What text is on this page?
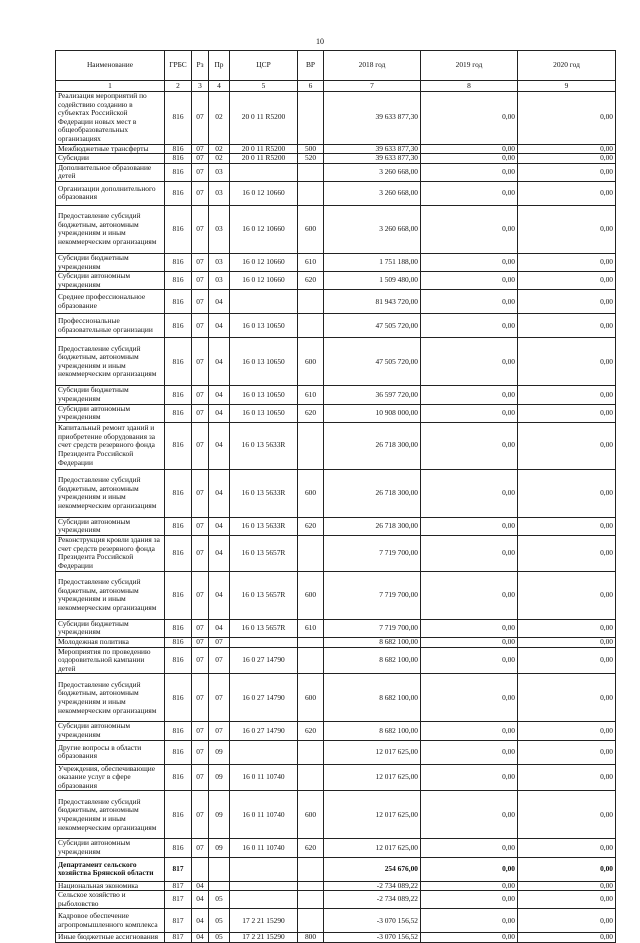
10
Наименование	ГРБС	Рз	Пр	ЦСР	ВР	2018 год	2019 год	2020 год
1	2	3	4	5	6	7	8	9
Реализация мероприятий по содействию созданию в субъектах Российской Федерации новых мест в общеобразовательных организациях	816	07	02	20 0 11 R5200		39 633 877,30	0,00	0,00
Межбюджетные трансферты	816	07	02	20 0 11 R5200	500	39 633 877,30	0,00	0,00
Субсидии	816	07	02	20 0 11 R5200	520	39 633 877,30	0,00	0,00
Дополнительное образование детей	816	07	03			3 260 668,00	0,00	0,00
Организации дополнительного образования	816	07	03	16 0 12 10660		3 260 668,00	0,00	0,00
Предоставление субсидий бюджетным, автономным учреждениям и иным некоммерческим организациям	816	07	03	16 0 12 10660	600	3 260 668,00	0,00	0,00
Субсидии бюджетным учреждениям	816	07	03	16 0 12 10660	610	1 751 188,00	0,00	0,00
Субсидии автономным учреждениям	816	07	03	16 0 12 10660	620	1 509 480,00	0,00	0,00
Среднее профессиональное образование	816	07	04			81 943 720,00	0,00	0,00
Профессиональные образовательные организации	816	07	04	16 0 13 10650		47 505 720,00	0,00	0,00
Предоставление субсидий бюджетным, автономным учреждениям и иным некоммерческим организациям	816	07	04	16 0 13 10650	600	47 505 720,00	0,00	0,00
Субсидии бюджетным учреждениям	816	07	04	16 0 13 10650	610	36 597 720,00	0,00	0,00
Субсидии автономным учреждениям	816	07	04	16 0 13 10650	620	10 908 000,00	0,00	0,00
Капитальный ремонт зданий и приобретение оборудования за счет средств резервного фонда Президента Российской Федерации	816	07	04	16 0 13 5633R		26 718 300,00	0,00	0,00
Предоставление субсидий бюджетным, автономным учреждениям и иным некоммерческим организациям	816	07	04	16 0 13 5633R	600	26 718 300,00	0,00	0,00
Субсидии автономным учреждениям	816	07	04	16 0 13 5633R	620	26 718 300,00	0,00	0,00
Реконструкция кровли здания за счет средств резервного фонда Президента Российской Федерации	816	07	04	16 0 13 5657R		7 719 700,00	0,00	0,00
Предоставление субсидий бюджетным, автономным учреждениям и иным некоммерческим организациям	816	07	04	16 0 13 5657R	600	7 719 700,00	0,00	0,00
Субсидии бюджетным учреждениям	816	07	04	16 0 13 5657R	610	7 719 700,00	0,00	0,00
Молодежная политика	816	07	07			8 682 100,00	0,00	0,00
Мероприятия по проведению оздоровительной кампании детей	816	07	07	16 0 27 14790		8 682 100,00	0,00	0,00
Предоставление субсидий бюджетным, автономным учреждениям и иным некоммерческим организациям	816	07	07	16 0 27 14790	600	8 682 100,00	0,00	0,00
Субсидии автономным учреждениям	816	07	07	16 0 27 14790	620	8 682 100,00	0,00	0,00
Другие вопросы в области образования	816	07	09			12 017 625,00	0,00	0,00
Учреждения, обеспечивающие оказание услуг в сфере образования	816	07	09	16 0 11 10740		12 017 625,00	0,00	0,00
Предоставление субсидий бюджетным, автономным учреждениям и иным некоммерческим организациям	816	07	09	16 0 11 10740	600	12 017 625,00	0,00	0,00
Субсидии автономным учреждениям	816	07	09	16 0 11 10740	620	12 017 625,00	0,00	0,00
Департамент сельского хозяйства Брянской области	817					254 676,00	0,00	0,00
Национальная экономика	817	04				-2 734 089,22	0,00	0,00
Сельское хозяйство и рыболовство	817	04	05			-2 734 089,22	0,00	0,00
Кадровое обеспечение агропромышленного комплекса	817	04	05	17 2 21 15290		-3 070 156,52	0,00	0,00
Иные бюджетные ассигнования	817	04	05	17 2 21 15290	800	-3 070 156,52	0,00	0,00
